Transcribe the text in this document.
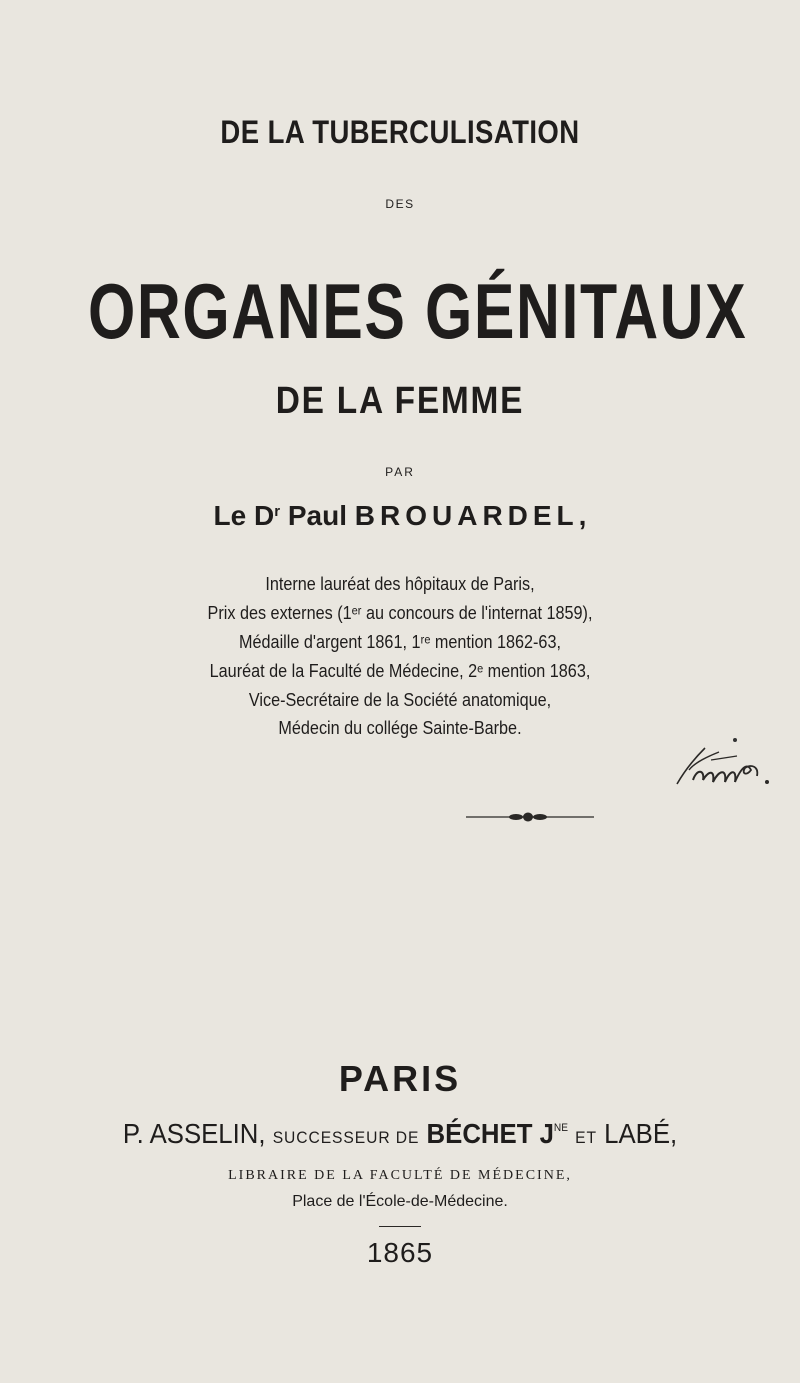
DE LA TUBERCULISATION
DES
ORGANES GÉNITAUX
DE LA FEMME
PAR
Le $D^r$ Paul BROUARDEL,
Interne lauréat des hôpitaux de Paris,
Prix des externes (1ᵉʳ au concours de l'internat 1859),
Médaille d'argent 1861, 1ʳᵉ mention 1862-63,
Lauréat de la Faculté de Médecine, 2ᵉ mention 1863,
Vice-Secrétaire de la Société anatomique,
Médecin du collége Sainte-Barbe.
PARIS
P. ASSELIN, SUCCESSEUR DE BÉCHET $J^{NE}$ ET LABÉ,
LIBRAIRE DE LA FACULTÉ DE MÉDECINE,
Place de l'École-de-Médecine.
1865
